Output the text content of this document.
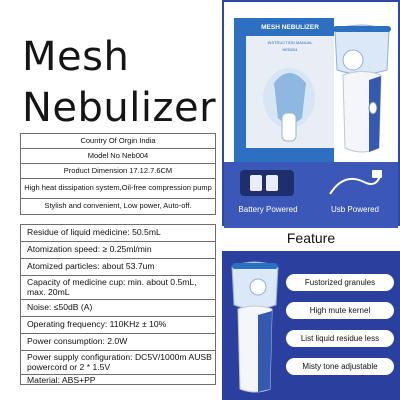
Mesh
Nebulizer
Country Of Orgin India
Model No Neb004
Product Dimension 17.12.7.6CM
High heat dissipation system,Oil-free compression pump
Stylish and convenient, Low power, Auto-off.
Residue of liquid medicine: 50.5mL
Atomization speed: ≥ 0.25ml/min
Atomized particles: about 53.7um
Capacity of medicine cup: min. about 0.5mL, max. 20mL
Noise: ≤50dB (A)
Operating frequency: 110KHz ± 10%
Power consumption: 2.0W
Power supply configuration: DC5V/1000m AUSB powercord or 2 * 1.5V
Material: ABS+PP
MESH NEBULIZER
INSTRUCTION MANUAL
NEB004
Battery Powered	Usb Powered
Feature
Fustorized granules
High mute kernel
List liquid residue less
Misty tone adjustable
